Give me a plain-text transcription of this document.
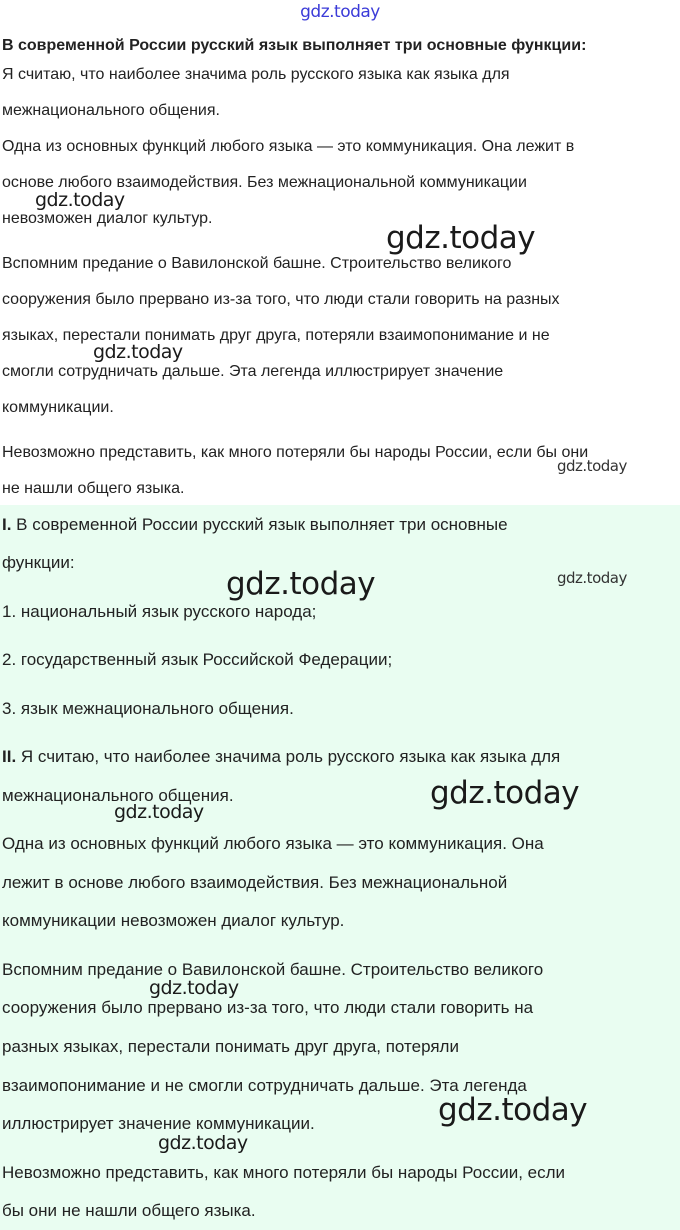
gdz.today
В современной России русский язык выполняет три основные функции:
Я считаю, что наиболее значима роль русского языка как языка для
межнационального общения.
Одна из основных функций любого языка — это коммуникация. Она лежит в
основе любого взаимодействия. Без межнациональной коммуникации
невозможен диалог культур.
Вспомним предание о Вавилонской башне. Строительство великого
сооружения было прервано из-за того, что люди стали говорить на разных
языках, перестали понимать друг друга, потеряли взаимопонимание и не
смогли сотрудничать дальше. Эта легенда иллюстрирует значение
коммуникации.
Невозможно представить, как много потеряли бы народы России, если бы они
не нашли общего языка.
I. В современной России русский язык выполняет три основные
функции:
1. национальный язык русского народа;
2. государственный язык Российской Федерации;
3. язык межнационального общения.
II. Я считаю, что наиболее значима роль русского языка как языка для
межнационального общения.
Одна из основных функций любого языка — это коммуникация. Она
лежит в основе любого взаимодействия. Без межнациональной
коммуникации невозможен диалог культур.
Вспомним предание о Вавилонской башне. Строительство великого
сооружения было прервано из-за того, что люди стали говорить на
разных языках, перестали понимать друг друга, потеряли
взаимопонимание и не смогли сотрудничать дальше. Эта легенда
иллюстрирует значение коммуникации.
Невозможно представить, как много потеряли бы народы России, если
бы они не нашли общего языка.
gdz.today
gdz.today
gdz.today
gdz.today
gdz.today	gdz.today
gdz.today
gdz.today
gdz.today
gdz.today
gdz.today
